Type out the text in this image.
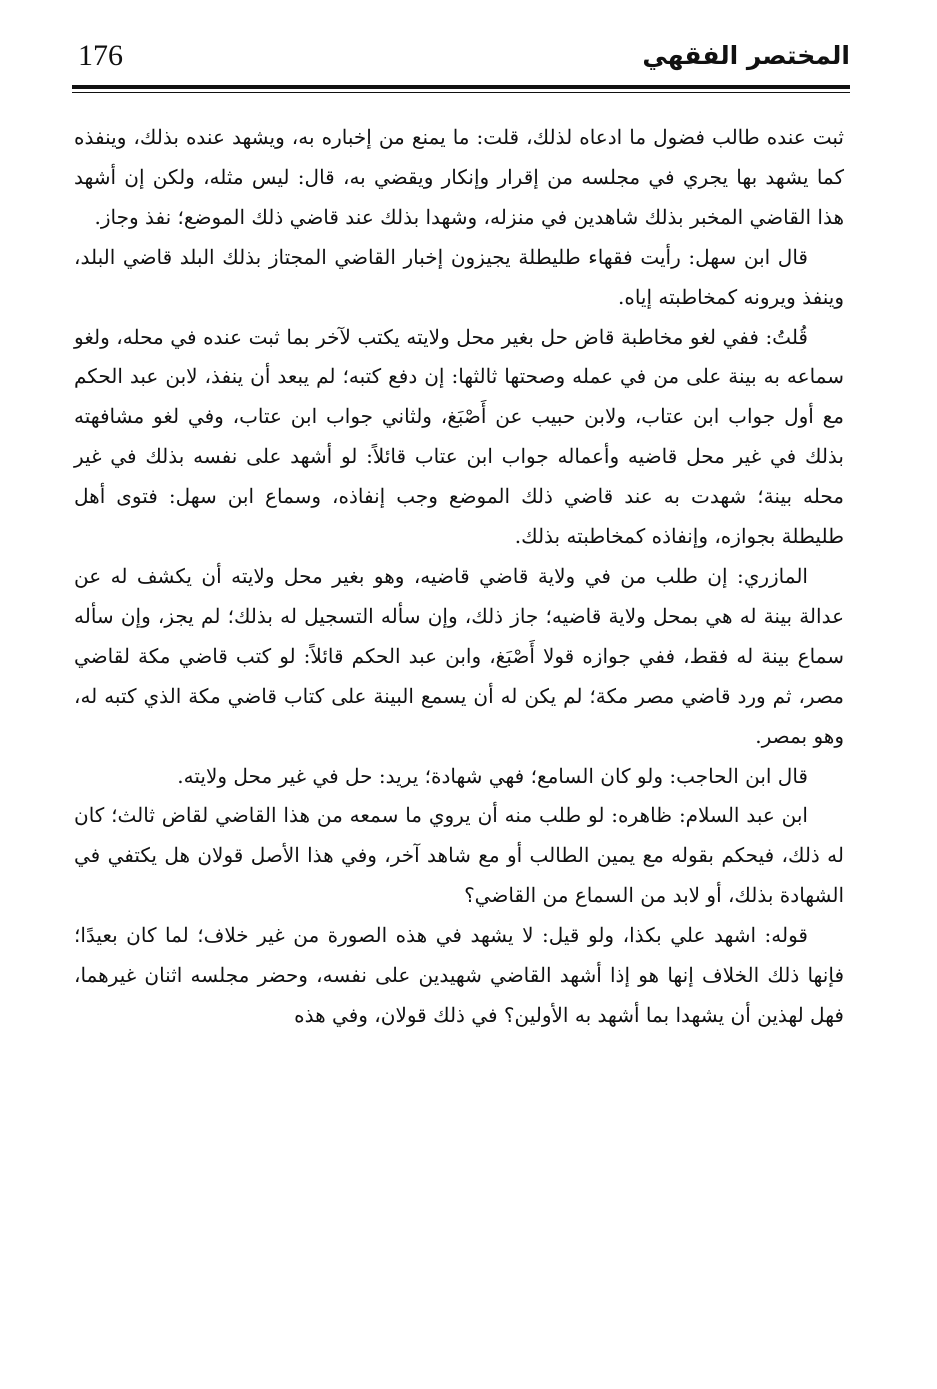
176	المختصر الفقهي

ثبت عنده طالب فضول ما ادعاه لذلك، قلت: ما يمنع من إخباره به، ويشهد عنده بذلك، وينفذه كما يشهد بها يجري في مجلسه من إقرار وإنكار ويقضي به، قال: ليس مثله، ولكن إن أشهد هذا القاضي المخبر بذلك شاهدين في منزله، وشهدا بذلك عند قاضي ذلك الموضع؛ نفذ وجاز.

قال ابن سهل: رأيت فقهاء طليطلة يجيزون إخبار القاضي المجتاز بذلك البلد قاضي البلد، وينفذ ويرونه كمخاطبته إياه.

قُلتُ: ففي لغو مخاطبة قاض حل بغير محل ولايته يكتب لآخر بما ثبت عنده في محله، ولغو سماعه به بينة على من في عمله وصحتها ثالثها: إن دفع كتبه؛ لم يبعد أن ينفذ، لابن عبد الحكم مع أول جواب ابن عتاب، ولابن حبيب عن أَصْبَغ، ولثاني جواب ابن عتاب، وفي لغو مشافهته بذلك في غير محل قاضيه وأعماله جواب ابن عتاب قائلاً: لو أشهد على نفسه بذلك في غير محله بينة؛ شهدت به عند قاضي ذلك الموضع وجب إنفاذه، وسماع ابن سهل: فتوى أهل طليطلة بجوازه، وإنفاذه كمخاطبته بذلك.

المازري: إن طلب من في ولاية قاضي قاضيه، وهو بغير محل ولايته أن يكشف له عن عدالة بينة له هي بمحل ولاية قاضيه؛ جاز ذلك، وإن سأله التسجيل له بذلك؛ لم يجز، وإن سأله سماع بينة له فقط، ففي جوازه قولا أَصْبَغ، وابن عبد الحكم قائلاً: لو كتب قاضي مكة لقاضي مصر، ثم ورد قاضي مصر مكة؛ لم يكن له أن يسمع البينة على كتاب قاضي مكة الذي كتبه له، وهو بمصر.

قال ابن الحاجب: ولو كان السامع؛ فهي شهادة؛ يريد: حل في غير محل ولايته.

ابن عبد السلام: ظاهره: لو طلب منه أن يروي ما سمعه من هذا القاضي لقاض ثالث؛ كان له ذلك، فيحكم بقوله مع يمين الطالب أو مع شاهد آخر، وفي هذا الأصل قولان هل يكتفي في الشهادة بذلك، أو لابد من السماع من القاضي؟

قوله: اشهد علي بكذا، ولو قيل: لا يشهد في هذه الصورة من غير خلاف؛ لما كان بعيدًا؛ فإنها ذلك الخلاف إنها هو إذا أشهد القاضي شهيدين على نفسه، وحضر مجلسه اثنان غيرهما، فهل لهذين أن يشهدا بما أشهد به الأولين؟ في ذلك قولان، وفي هذه
